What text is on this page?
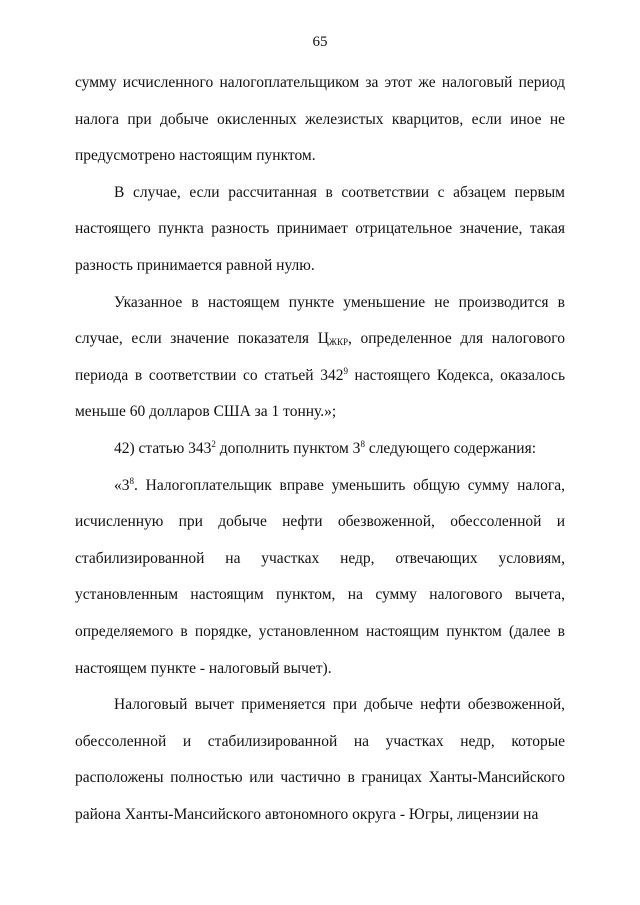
65

сумму исчисленного налогоплательщиком за этот же налоговый период налога при добыче окисленных железистых кварцитов, если иное не предусмотрено настоящим пунктом.

В случае, если рассчитанная в соответствии с абзацем первым настоящего пункта разность принимает отрицательное значение, такая разность принимается равной нулю.

Указанное в настоящем пункте уменьшение не производится в случае, если значение показателя $Ц_{ЖКР}$, определенное для налогового периода в соответствии со статьей $342^9$ настоящего Кодекса, оказалось меньше 60 долларов США за 1 тонну.»;

42) статью $343^2$ дополнить пунктом $3^8$ следующего содержания:

«$3^8$. Налогоплательщик вправе уменьшить общую сумму налога, исчисленную при добыче нефти обезвоженной, обессоленной и стабилизированной на участках недр, отвечающих условиям, установленным настоящим пунктом, на сумму налогового вычета, определяемого в порядке, установленном настоящим пунктом (далее в настоящем пункте - налоговый вычет).

Налоговый вычет применяется при добыче нефти обезвоженной, обессоленной и стабилизированной на участках недр, которые расположены полностью или частично в границах Ханты-Мансийского района Ханты-Мансийского автономного округа - Югры, лицензии на
